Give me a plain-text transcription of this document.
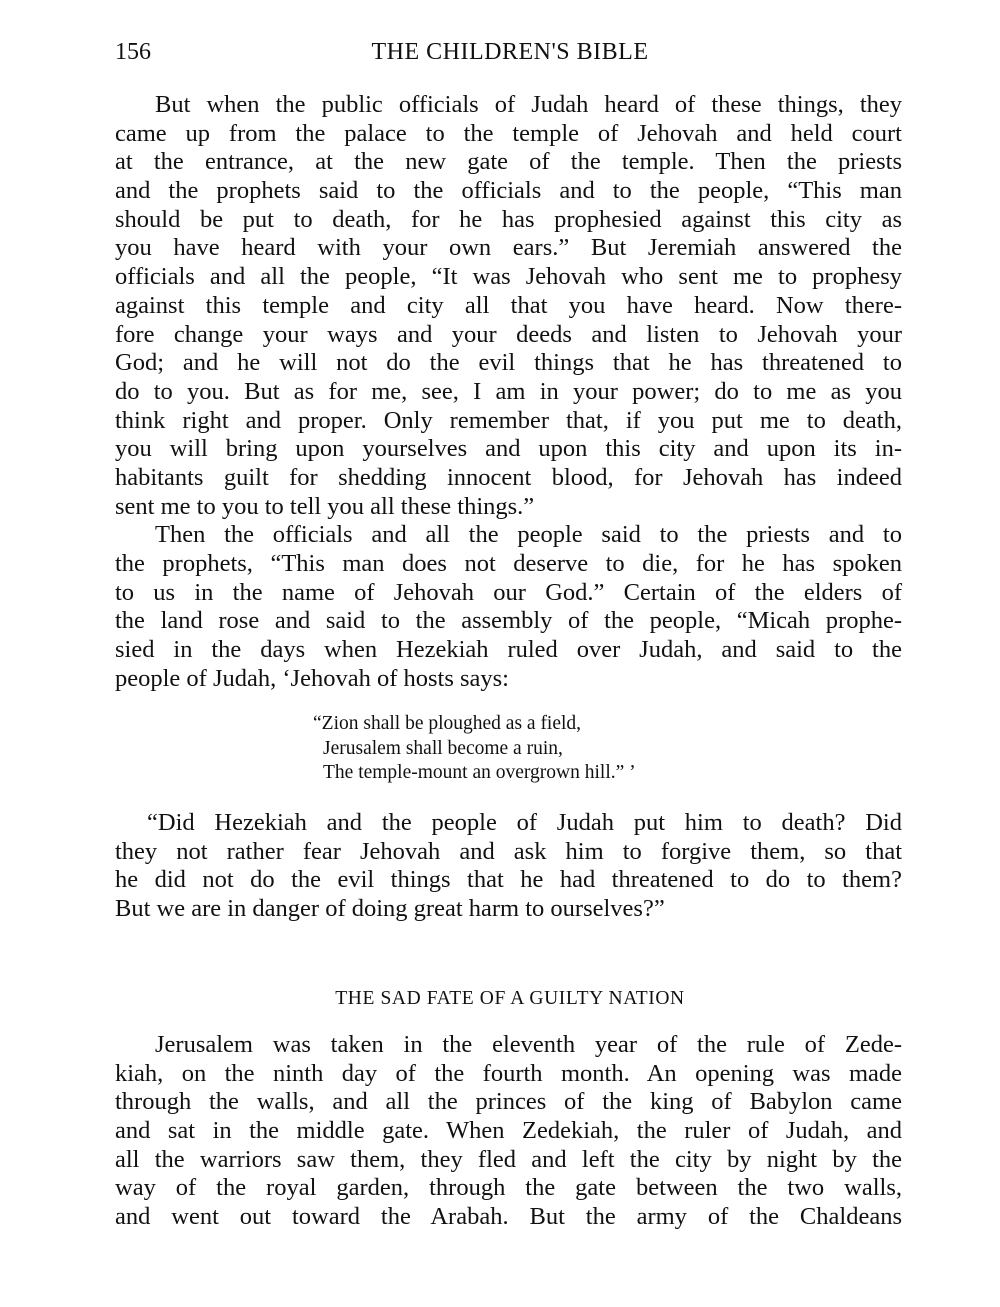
156	THE CHILDREN'S BIBLE
But when the public officials of Judah heard of these things, they
came up from the palace to the temple of Jehovah and held court
at the entrance, at the new gate of the temple. Then the priests
and the prophets said to the officials and to the people, “This man
should be put to death, for he has prophesied against this city as
you have heard with your own ears.” But Jeremiah answered the
officials and all the people, “It was Jehovah who sent me to prophesy
against this temple and city all that you have heard. Now there-
fore change your ways and your deeds and listen to Jehovah your
God; and he will not do the evil things that he has threatened to
do to you. But as for me, see, I am in your power; do to me as you
think right and proper. Only remember that, if you put me to death,
you will bring upon yourselves and upon this city and upon its in-
habitants guilt for shedding innocent blood, for Jehovah has indeed
sent me to you to tell you all these things.”
Then the officials and all the people said to the priests and to
the prophets, “This man does not deserve to die, for he has spoken
to us in the name of Jehovah our God.” Certain of the elders of
the land rose and said to the assembly of the people, “Micah prophe-
sied in the days when Hezekiah ruled over Judah, and said to the
people of Judah, ‘Jehovah of hosts says:
“Zion shall be ploughed as a field,
Jerusalem shall become a ruin,
The temple-mount an overgrown hill.” ’
“Did Hezekiah and the people of Judah put him to death? Did
they not rather fear Jehovah and ask him to forgive them, so that
he did not do the evil things that he had threatened to do to them?
But we are in danger of doing great harm to ourselves?”
THE SAD FATE OF A GUILTY NATION
Jerusalem was taken in the eleventh year of the rule of Zede-
kiah, on the ninth day of the fourth month. An opening was made
through the walls, and all the princes of the king of Babylon came
and sat in the middle gate. When Zedekiah, the ruler of Judah, and
all the warriors saw them, they fled and left the city by night by the
way of the royal garden, through the gate between the two walls,
and went out toward the Arabah. But the army of the Chaldeans
